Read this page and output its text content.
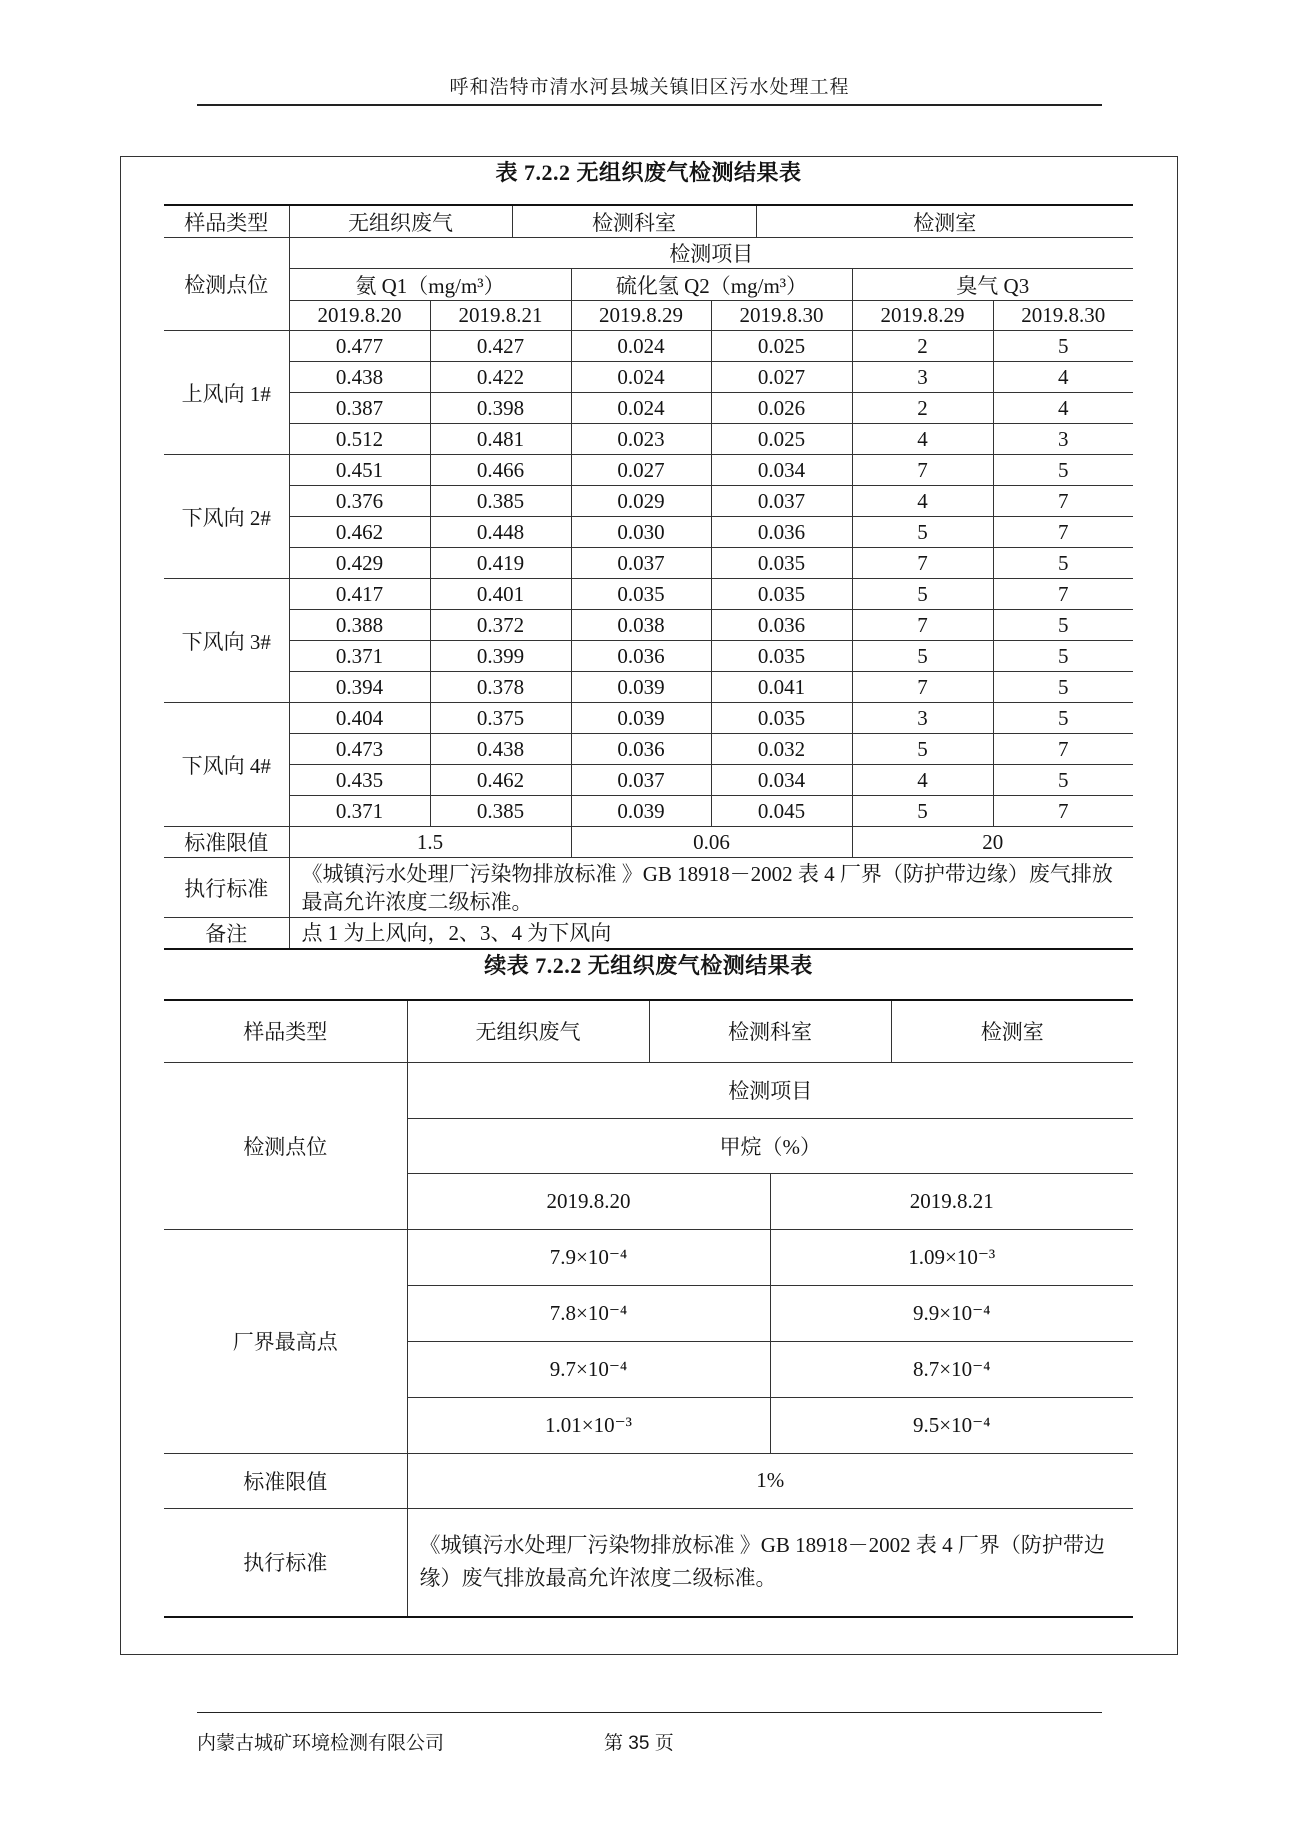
呼和浩特市清水河县城关镇旧区污水处理工程
表 7.2.2 无组织废气检测结果表
样品类型	无组织废气	检测科室	检测室
检测点位	检测项目					
	氨 Q1（mg/m³）		硫化氢 Q2（mg/m³）		臭气 Q3	
	2019.8.20	2019.8.21	2019.8.29	2019.8.30	2019.8.29	2019.8.30
上风向 1#	0.477	0.427	0.024	0.025	2	5
	0.438	0.422	0.024	0.027	3	4
	0.387	0.398	0.024	0.026	2	4
	0.512	0.481	0.023	0.025	4	3
下风向 2#	0.451	0.466	0.027	0.034	7	5
	0.376	0.385	0.029	0.037	4	7
	0.462	0.448	0.030	0.036	5	7
	0.429	0.419	0.037	0.035	7	5
下风向 3#	0.417	0.401	0.035	0.035	5	7
	0.388	0.372	0.038	0.036	7	5
	0.371	0.399	0.036	0.035	5	5
	0.394	0.378	0.039	0.041	7	5
下风向 4#	0.404	0.375	0.039	0.035	3	5
	0.473	0.438	0.036	0.032	5	7
	0.435	0.462	0.037	0.034	4	5
	0.371	0.385	0.039	0.045	5	7
标准限值	1.5		0.06		20	
执行标准	《城镇污水处理厂污染物排放标准 》GB 18918－2002 表 4 厂界（防护带边缘）废气排放最高允许浓度二级标准。					
备注	点 1 为上风向，2、3、4 为下风向					
续表 7.2.2 无组织废气检测结果表
样品类型	无组织废气	检测科室		检测室
检测点位	检测项目			
	甲烷（%）			
	2019.8.20		2019.8.21	
厂界最高点	7.9×10⁻⁴		1.09×10⁻³	
	7.8×10⁻⁴		9.9×10⁻⁴	
	9.7×10⁻⁴		8.7×10⁻⁴	
	1.01×10⁻³		9.5×10⁻⁴	
标准限值	1%			
执行标准	《城镇污水处理厂污染物排放标准 》GB 18918－2002 表 4 厂界（防护带边缘）废气排放最高允许浓度二级标准。			
内蒙古城矿环境检测有限公司	第 35 页
